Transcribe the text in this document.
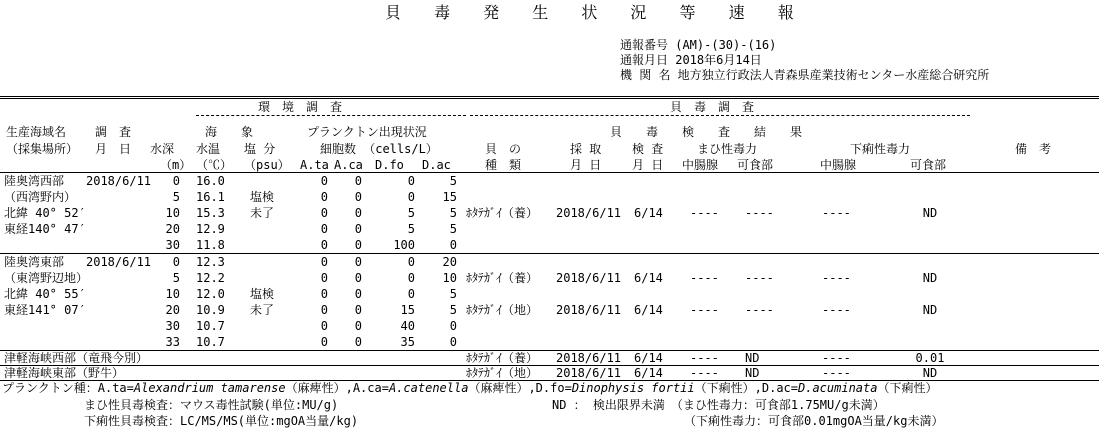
貝 毒 発 生 状 況 等 速 報
通報番号 (AM)-(30)-(16)
通報月日 2018年6月14日
機 関 名 地方独立行政法人青森県産業技術センター水産総合研究所
環　境　調　査	貝　毒　調　査
生産海域名 調　査	海　　象	プランクトン出現状況	貝　　毒　　検　　査　　結　　果
（採集場所） 月　日 水深 水温 塩 分	細胞数 （cells/L）	貝　の	採 取	検 査	まひ性毒力	下痢性毒力	備　考
（m） （℃） （psu） A.ta A.ca D.fo D.ac	種　類	月 日	月 日 中腸腺 可食部	中腸腺	可食部
陸奥湾西部 2018/6/11	0 16.0	0	0	0	5
（西湾野内）	5 16.1 塩検	0	0	0	15
北緯 40° 52′	10 15.3 未了	0	0	5	5 ﾎﾀﾃｶﾞｲ（養） 2018/6/11 6/14 ---- ----	----	ND
東経140° 47′	20 12.9	0	0	5	5
30 11.8	0	0	100	0
陸奥湾東部 2018/6/11	0 12.3	0	0	0	20
（東湾野辺地）	5 12.2	0	0	0	10 ﾎﾀﾃｶﾞｲ（養） 2018/6/11 6/14 ---- ----	----	ND
北緯 40° 55′	10 12.0 塩検	0	0	0	5
東経141° 07′	20 10.9 未了	0	0	15	5 ﾎﾀﾃｶﾞｲ（地） 2018/6/11 6/14 ---- ----	----	ND
30 10.7	0	0	40	0
33 10.7	0	0	35	0
津軽海峡西部（竜飛今別）	ﾎﾀﾃｶﾞｲ（養） 2018/6/11 6/14 ---- ND	----	0.01
津軽海峡東部（野牛）	ﾎﾀﾃｶﾞｲ（地） 2018/6/11 6/14 ---- ND	----	ND
プランクトン種：A.ta=Alexandrium tamarense（麻痺性）,A.ca=A.catenella（麻痺性）,D.fo=Dinophysis fortii（下痢性）,D.ac=D.acuminata（下痢性）
まひ性貝毒検査：マウス毒性試験(単位:MU/g)	ND ： 検出限界未満　（まひ性毒力：可食部1.75MU/g未満）
下痢性貝毒検査：LC/MS/MS(単位:mgOA当量/kg)	（下痢性毒力：可食部0.01mgOA当量/kg未満）
